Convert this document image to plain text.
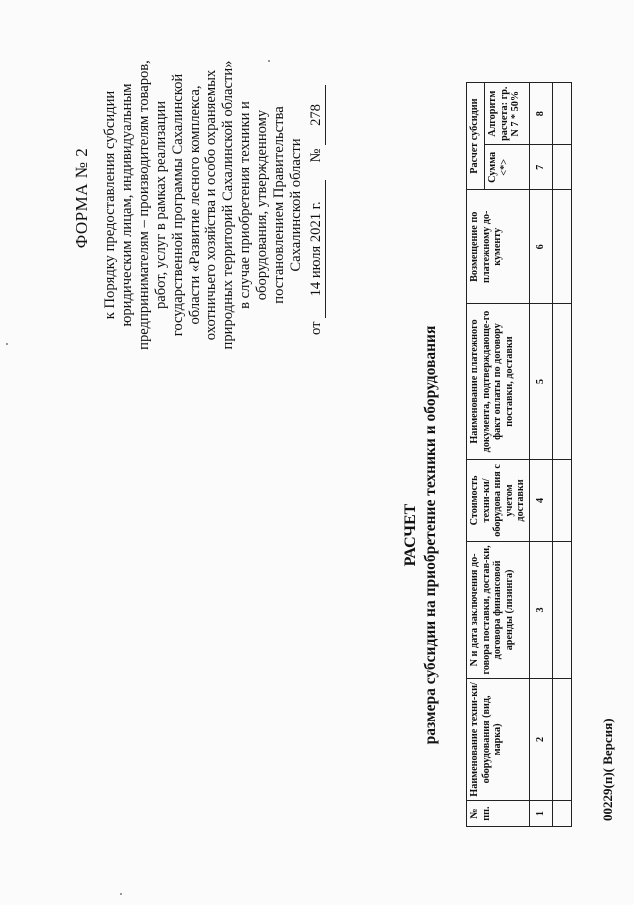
ФОРМА № 2 к Порядку предоставления субсидии юридическим лицам, индивидуальным предпринимателям – производителям товаров, работ, услуг в рамках реализации государственной программы Сахалинской области «Развитие лесного комплекса, охотничьего хозяйства и особо охраняемых природных территорий Сахалинской области» в случае приобретения техники и оборудования, утвержденному постановлением Правительства Сахалинской области
от 14 июля 2021 г.  № 278
РАСЧЕТ размера субсидии на приобретение техники и оборудования
№ пп.	Наименование техни-ки/оборудования (вид, марка)	N и дата заключения до-говора поставки, достав-ки, договора финансовой аренды (лизинга)	Стоимость техни-ки/оборудова ния с учетом доставки	Наименование платежного документа, подтверждающе-го факт оплаты по договору поставки, доставки	Возмещение по платежному до-кументу	Расчет субсидии	
						Сумма <*>	Алгоритм расчета: гр. N 7 * 50%
1	2	3	4	5	6	7	8

00229(п)( Версия)
